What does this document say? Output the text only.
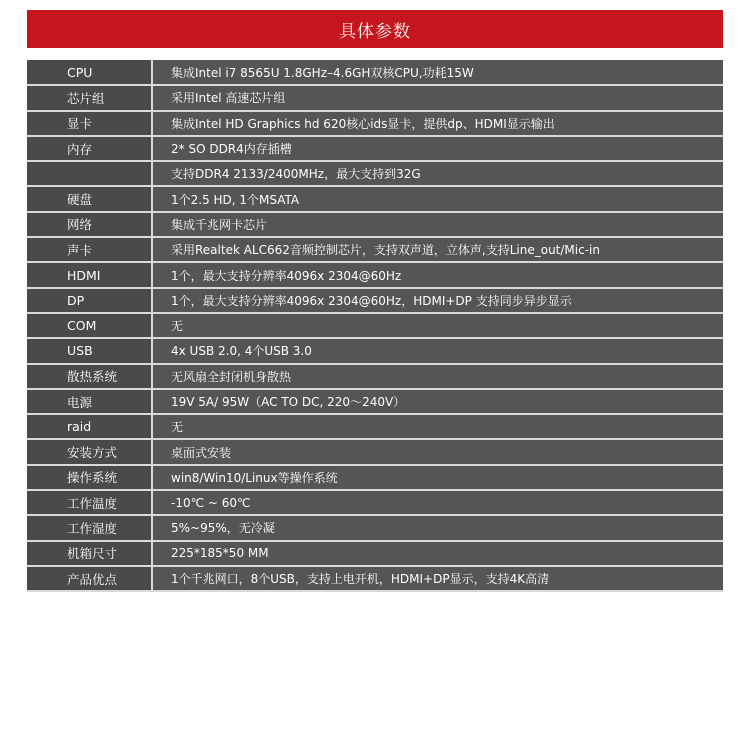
具体参数
CPU	集成Intel i7 8565U 1.8GHz–4.6GH双核CPU,功耗15W
芯片组	采用Intel 高速芯片组
显卡	集成Intel HD Graphics hd 620核心ids显卡，提供dp、HDMI显示输出
内存	2* SO DDR4内存插槽
	支持DDR4 2133/2400MHz，最大支持到32G
硬盘	1个2.5 HD, 1个MSATA
网络	集成千兆网卡芯片
声卡	采用Realtek ALC662音频控制芯片，支持双声道，立体声,支持Line_out/Mic-in
HDMI	1个，最大支持分辨率4096x 2304@60Hz
DP	1个，最大支持分辨率4096x 2304@60Hz，HDMI+DP 支持同步异步显示
COM	无
USB	4x USB 2.0, 4个USB 3.0
散热系统	无风扇全封闭机身散热
电源	19V 5A/ 95W（AC TO DC, 220～240V）
raid	无
安装方式	桌面式安装
操作系统	win8/Win10/Linux等操作系统
工作温度	-10℃ ~ 60℃
工作湿度	5%~95%，无冷凝
机箱尺寸	225*185*50 MM
产品优点	1个千兆网口，8个USB，支持上电开机，HDMI+DP显示，支持4K高清
